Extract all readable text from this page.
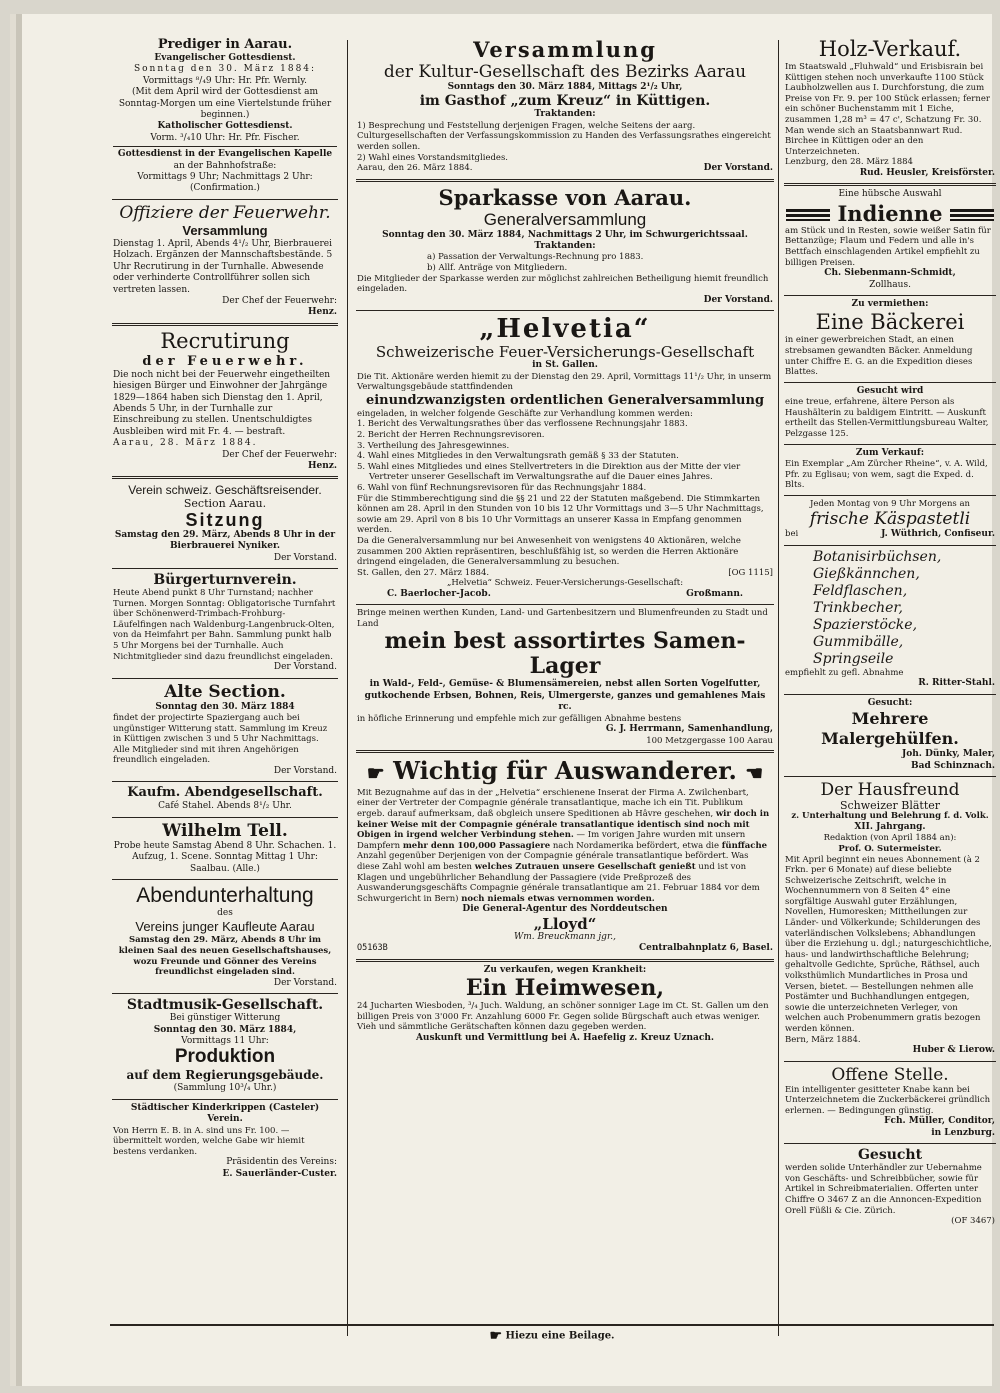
Prediger in Aarau.

Evangelischer Gottesdienst.

Sonntag den 30. März 1884:

Vormittags ⁸/₄9 Uhr: Hr. Pfr. Wernly.

(Mit dem April wird der Gottesdienst am Sonntag-Morgen um eine Viertelstunde früher beginnen.)

Katholischer Gottesdienst.

Vorm. ³/₄10 Uhr: Hr. Pfr. Fischer.

Gottesdienst in der Evangelischen Kapelle

an der Bahnhofstraße:

Vormittags 9 Uhr; Nachmittags 2 Uhr:

(Confirmation.)

Offiziere der Feuerwehr.

Versammlung

Dienstag 1. April, Abends 4¹/₂ Uhr, Bierbrauerei Holzach. Ergänzen der Mannschaftsbestände. 5 Uhr Recrutirung in der Turnhalle. Abwesende oder verhinderte Controllführer sollen sich vertreten lassen.

Der Chef der Feuerwehr:

Henz.

Recrutirung

der Feuerwehr.

Die noch nicht bei der Feuerwehr eingetheilten hiesigen Bürger und Einwohner der Jahrgänge 1829—1864 haben sich Dienstag den 1. April, Abends 5 Uhr, in der Turnhalle zur Einschreibung zu stellen. Unentschuldigtes Ausbleiben wird mit Fr. 4. — bestraft.

Aarau, 28. März 1884.

Der Chef der Feuerwehr:

Henz.

Verein schweiz. Geschäftsreisender.

Section Aarau.

Sitzung

Samstag den 29. März, Abends 8 Uhr in der Bierbrauerei Nyniker.

Der Vorstand.

Bürgerturnverein.

Heute Abend punkt 8 Uhr Turnstand; nachher Turnen. Morgen Sonntag: Obligatorische Turnfahrt über Schönenwerd-Trimbach-Frohburg-Läufelfingen nach Waldenburg-Langenbruck-Olten, von da Heimfahrt per Bahn. Sammlung punkt halb 5 Uhr Morgens bei der Turnhalle. Auch Nichtmitglieder sind dazu freundlichst eingeladen.

Der Vorstand.

Alte Section.

Sonntag den 30. März 1884

findet der projectirte Spaziergang auch bei ungünstiger Witterung statt. Sammlung im Kreuz in Küttigen zwischen 3 und 5 Uhr Nachmittags. Alle Mitglieder sind mit ihren Angehörigen freundlich eingeladen.

Der Vorstand.

Kaufm. Abendgesellschaft.

Café Stahel. Abends 8¹/₂ Uhr.

Wilhelm Tell.

Probe heute Samstag Abend 8 Uhr. Schachen. 1. Aufzug, 1. Scene. Sonntag Mittag 1 Uhr: Saalbau. (Alle.)

Abendunterhaltung

des

Vereins junger Kaufleute Aarau

Samstag den 29. März, Abends 8 Uhr im kleinen Saal des neuen Gesellschaftshauses, wozu Freunde und Gönner des Vereins freundlichst eingeladen sind.

Der Vorstand.

Stadtmusik-Gesellschaft.

Bei günstiger Witterung

Sonntag den 30. März 1884,

Vormittags 11 Uhr:

Produktion

auf dem Regierungsgebäude.

(Sammlung 10³/₄ Uhr.)

Städtischer Kinderkrippen (Casteler) Verein.

Von Herrn E. B. in A. sind uns Fr. 100. — übermittelt worden, welche Gabe wir hiemit bestens verdanken.

Präsidentin des Vereins:

E. Sauerländer-Custer.

Versammlung

der Kultur-Gesellschaft des Bezirks Aarau

Sonntags den 30. März 1884, Mittags 2¹/₂ Uhr,

im Gasthof „zum Kreuz“ in Küttigen.

Traktanden:

1) Besprechung und Feststellung derjenigen Fragen, welche Seitens der aarg. Culturgesellschaften der Verfassungskommission zu Handen des Verfassungsrathes eingereicht werden sollen.

2) Wahl eines Vorstandsmitgliedes.

Aarau, den 26. März 1884.	Der Vorstand.

Sparkasse von Aarau.

Generalversammlung

Sonntag den 30. März 1884, Nachmittags 2 Uhr, im Schwurgerichtssaal.

Traktanden:

a) Passation der Verwaltungs-Rechnung pro 1883.

b) Allf. Anträge von Mitgliedern.

Die Mitglieder der Sparkasse werden zur möglichst zahlreichen Betheiligung hiemit freundlich eingeladen.

Der Vorstand.

„Helvetia“

Schweizerische Feuer-Versicherungs-Gesellschaft

in St. Gallen.

Die Tit. Aktionäre werden hiemit zu der Dienstag den 29. April, Vormittags 11¹/₂ Uhr, in unserm Verwaltungsgebäude stattfindenden

einundzwanzigsten ordentlichen Generalversammlung

eingeladen, in welcher folgende Geschäfte zur Verhandlung kommen werden:

1. Bericht des Verwaltungsrathes über das verflossene Rechnungsjahr 1883.

2. Bericht der Herren Rechnungsrevisoren.

3. Vertheilung des Jahresgewinnes.

4. Wahl eines Mitgliedes in den Verwaltungsrath gemäß § 33 der Statuten.

5. Wahl eines Mitgliedes und eines Stellvertreters in die Direktion aus der Mitte der vier Vertreter unserer Gesellschaft im Verwaltungsrathe auf die Dauer eines Jahres.

6. Wahl von fünf Rechnungsrevisoren für das Rechnungsjahr 1884.

Für die Stimmberechtigung sind die §§ 21 und 22 der Statuten maßgebend. Die Stimmkarten können am 28. April in den Stunden von 10 bis 12 Uhr Vormittags und 3—5 Uhr Nachmittags, sowie am 29. April von 8 bis 10 Uhr Vormittags an unserer Kassa in Empfang genommen werden.

Da die Generalversammlung nur bei Anwesenheit von wenigstens 40 Aktionären, welche zusammen 200 Aktien repräsentiren, beschlußfähig ist, so werden die Herren Aktionäre dringend eingeladen, die Generalversammlung zu besuchen.

St. Gallen, den 27. März 1884.	[OG 1115]

„Helvetia“ Schweiz. Feuer-Versicherungs-Gesellschaft:

C. Baerlocher-Jacob.	Großmann.

Bringe meinen werthen Kunden, Land- und Gartenbesitzern und Blumenfreunden zu Stadt und Land

mein best assortirtes Samen-Lager

in Wald-, Feld-, Gemüse- & Blumensämereien, nebst allen Sorten Vogelfutter, gutkochende Erbsen, Bohnen, Reis, Ulmergerste, ganzes und gemahlenes Mais rc.

in höfliche Erinnerung und empfehle mich zur gefälligen Abnahme bestens

G. J. Herrmann, Samenhandlung,

100 Metzgergasse 100 Aarau

☛ Wichtig für Auswanderer. ☚

Mit Bezugnahme auf das in der „Helvetia“ erschienene Inserat der Firma A. Zwilchenbart, einer der Vertreter der Compagnie générale transatlantique, mache ich ein Tit. Publikum ergeb. darauf aufmerksam, daß obgleich unsere Speditionen ab Hâvre geschehen, wir doch in keiner Weise mit der Compagnie générale transatlantique identisch sind noch mit Obigen in irgend welcher Verbindung stehen. — Im vorigen Jahre wurden mit unsern Dampfern mehr denn 100,000 Passagiere nach Nordamerika befördert, etwa die fünffache Anzahl gegenüber Derjenigen von der Compagnie générale transatlantique befördert. Was diese Zahl wohl am besten welches Zutrauen unsere Gesellschaft genießt und ist von Klagen und ungebührlicher Behandlung der Passagiere (vide Preßprozeß des Auswanderungsgeschäfts Compagnie générale transatlantique am 21. Februar 1884 vor dem Schwurgericht in Bern) noch niemals etwas vernommen worden.

Die General-Agentur des Norddeutschen

„Lloyd“

Wm. Breuckmann jgr.,

O5163B	Centralbahnplatz 6, Basel.

Zu verkaufen, wegen Krankheit:

Ein Heimwesen,

24 Jucharten Wiesboden, ³/₄ Juch. Waldung, an schöner sonniger Lage im Ct. St. Gallen um den billigen Preis von 3'000 Fr. Anzahlung 6000 Fr. Gegen solide Bürgschaft auch etwas weniger. Vieh und sämmtliche Gerätschaften können dazu gegeben werden.

Auskunft und Vermittlung bei A. Haefelig z. Kreuz Uznach.

Holz-Verkauf.

Im Staatswald „Fluhwald“ und Erisbisrain bei Küttigen stehen noch unverkaufte 1100 Stück Laubholzwellen aus I. Durchforstung, die zum Preise von Fr. 9. per 100 Stück erlassen; ferner ein schöner Buchenstamm mit 1 Eiche, zusammen 1,28 m³ = 47 c', Schatzung Fr. 30. Man wende sich an Staatsbannwart Rud. Birchee in Küttigen oder an den Unterzeichneten.

Lenzburg, den 28. März 1884

Rud. Heusler, Kreisförster.

Eine hübsche Auswahl

Indienne

am Stück und in Resten, sowie weißer Satin für Bettanzüge; Flaum und Federn und alle in's Bettfach einschlagenden Artikel empfiehlt zu billigen Preisen.

Ch. Siebenmann-Schmidt,

Zollhaus.

Zu vermiethen:

Eine Bäckerei

in einer gewerbreichen Stadt, an einen strebsamen gewandten Bäcker. Anmeldung unter Chiffre E. G. an die Expedition dieses Blattes.

Gesucht wird

eine treue, erfahrene, ältere Person als Haushälterin zu baldigem Eintritt. — Auskunft ertheilt das Stellen-Vermittlungsbureau Walter, Pelzgasse 125.

Zum Verkauf:

Ein Exemplar „Am Zürcher Rheine“, v. A. Wild, Pfr. zu Eglisau; von wem, sagt die Exped. d. Blts.

Jeden Montag von 9 Uhr Morgens an

frische Käspastetli

bei	J. Wüthrich, Confiseur.

Botanisirbüchsen,

Gießkännchen,

Feldflaschen,

Trinkbecher,

Spazierstöcke,

Gummibälle,

Springseile

empfiehlt zu gefl. Abnahme

R. Ritter-Stahl.

Gesucht:

Mehrere Malergehülfen.

Joh. Dünky, Maler,

Bad Schinznach.

Der Hausfreund

Schweizer Blätter

z. Unterhaltung und Belehrung f. d. Volk.

XII. Jahrgang.

Redaktion (von April 1884 an):

Prof. O. Sutermeister.

Mit April beginnt ein neues Abonnement (à 2 Frkn. per 6 Monate) auf diese beliebte Schweizerische Zeitschrift, welche in Wochennummern von 8 Seiten 4° eine sorgfältige Auswahl guter Erzählungen, Novellen, Humoresken; Mittheilungen zur Länder- und Völkerkunde; Schilderungen des vaterländischen Volkslebens; Abhandlungen über die Erziehung u. dgl.; naturgeschichtliche, haus- und landwirthschaftliche Belehrung; gehaltvolle Gedichte, Sprüche, Räthsel, auch volksthümlich Mundartliches in Prosa und Versen, bietet. — Bestellungen nehmen alle Postämter und Buchhandlungen entgegen, sowie die unterzeichneten Verleger, von welchen auch Probenummern gratis bezogen werden können.

Bern, März 1884.

Huber & Lierow.

Offene Stelle.

Ein intelligenter gesitteter Knabe kann bei Unterzeichnetem die Zuckerbäckerei gründlich erlernen. — Bedingungen günstig.

Fch. Müller, Conditor,

in Lenzburg.

Gesucht

werden solide Unterhändler zur Uebernahme von Geschäfts- und Schreibbücher, sowie für Artikel in Schreibmaterialien. Offerten unter Chiffre O 3467 Z an die Annoncen-Expedition Orell Füßli & Cie. Zürich.

(OF 3467)

☛ Hiezu eine Beilage.
